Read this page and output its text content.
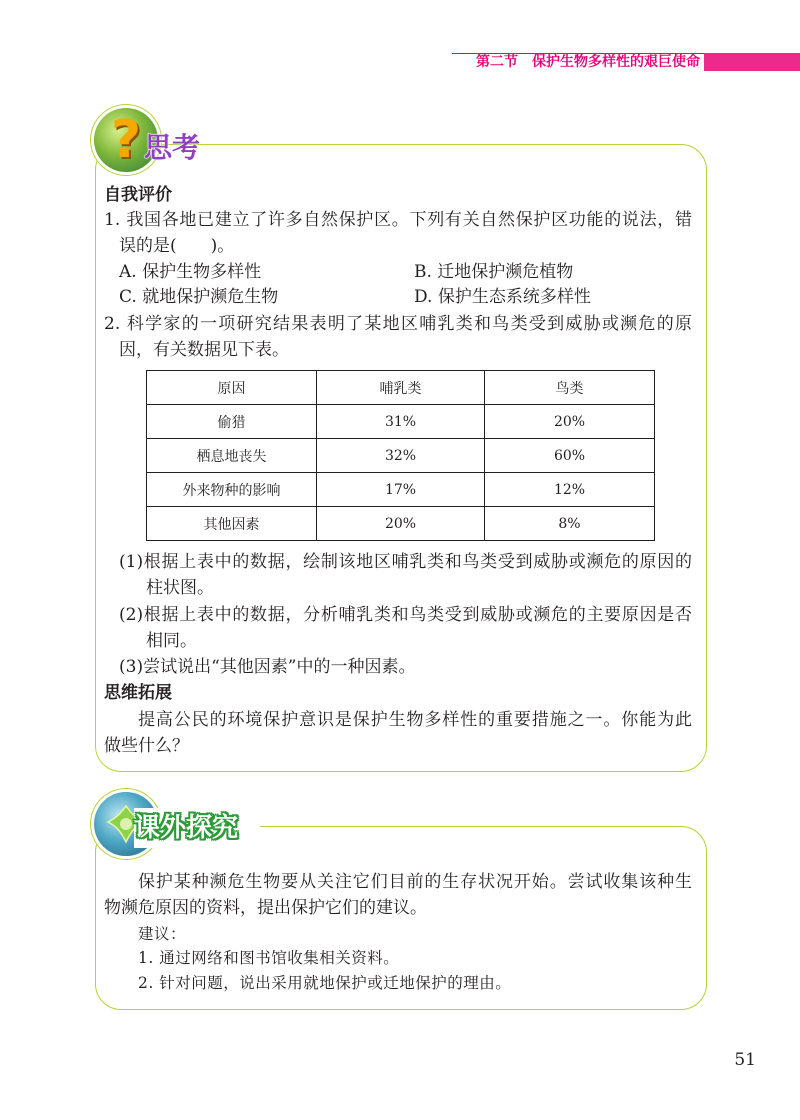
第二节　保护生物多样性的艰巨使命
? 思考
自我评价
1. 我国各地已建立了许多自然保护区。下列有关自然保护区功能的说法，错
误的是(　　)。
A. 保护生物多样性	B. 迁地保护濒危植物
C. 就地保护濒危生物	D. 保护生态系统多样性
2. 科学家的一项研究结果表明了某地区哺乳类和鸟类受到威胁或濒危的原
因，有关数据见下表。
原因	哺乳类	鸟类
偷猎	31%	20%
栖息地丧失	32%	60%
外来物种的影响	17%	12%
其他因素	20%	8%
(1)根据上表中的数据，绘制该地区哺乳类和鸟类受到威胁或濒危的原因的
柱状图。
(2)根据上表中的数据，分析哺乳类和鸟类受到威胁或濒危的主要原因是否
相同。
(3)尝试说出“其他因素”中的一种因素。
思维拓展
提高公民的环境保护意识是保护生物多样性的重要措施之一。你能为此
做些什么？
课外探究
保护某种濒危生物要从关注它们目前的生存状况开始。尝试收集该种生
物濒危原因的资料，提出保护它们的建议。
建议：
1. 通过网络和图书馆收集相关资料。
2. 针对问题，说出采用就地保护或迁地保护的理由。
51
